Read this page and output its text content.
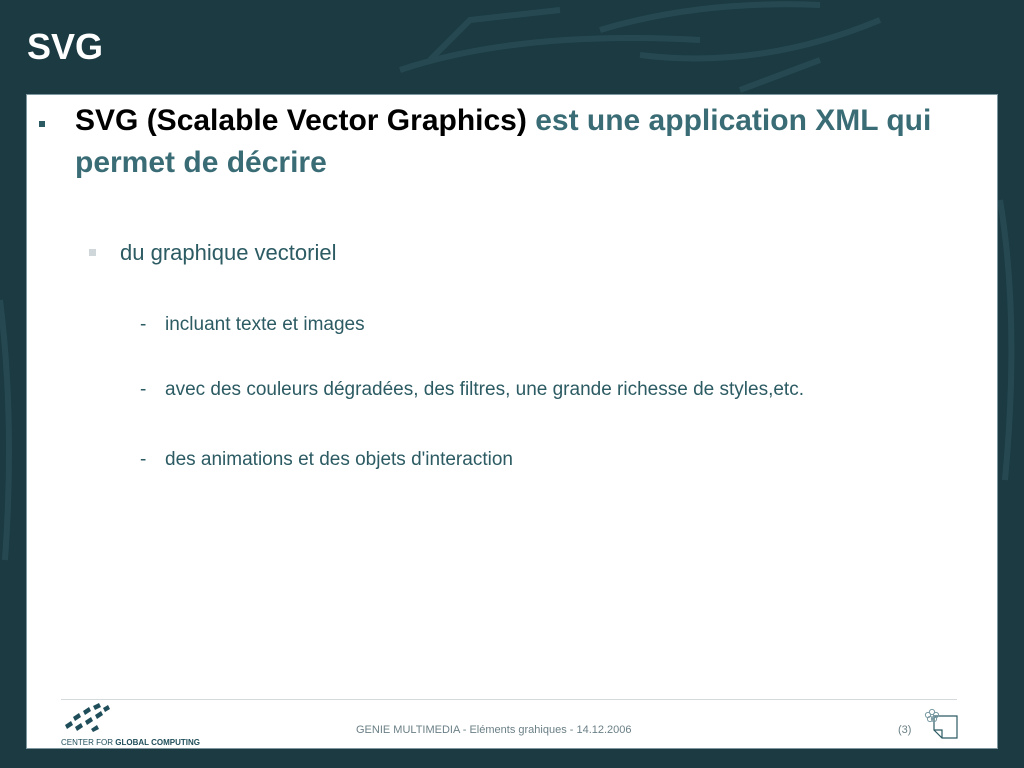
SVG
SVG (Scalable Vector Graphics) est une application XML qui permet de décrire
du graphique vectoriel
- incluant texte et images
- avec des couleurs dégradées, des filtres, une grande richesse de styles,etc.
- des animations et des objets d'interaction
CENTER FOR GLOBAL COMPUTING
GENIE MULTIMEDIA - Eléments grahiques - 14.12.2006	(3)
